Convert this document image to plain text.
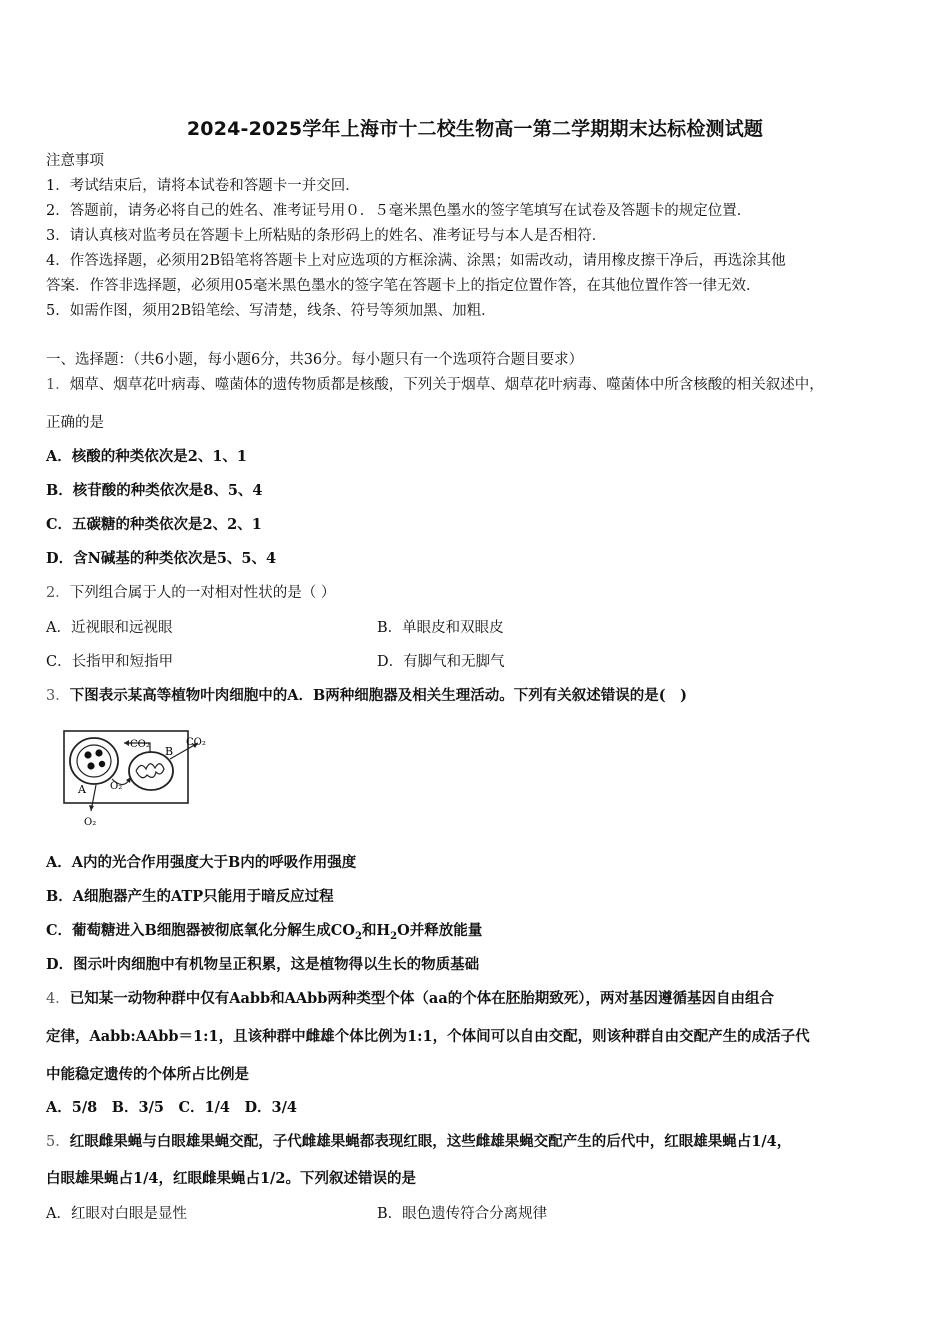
2024-2025学年上海市十二校生物高一第二学期期末达标检测试题
注意事项
1．考试结束后，请将本试卷和答题卡一并交回．
2．答题前，请务必将自己的姓名、准考证号用０．５毫米黑色墨水的签字笔填写在试卷及答题卡的规定位置．
3．请认真核对监考员在答题卡上所粘贴的条形码上的姓名、准考证号与本人是否相符．
4．作答选择题，必须用2B铅笔将答题卡上对应选项的方框涂满、涂黑；如需改动，请用橡皮擦干净后，再选涂其他
答案．作答非选择题，必须用05毫米黑色墨水的签字笔在答题卡上的指定位置作答，在其他位置作答一律无效．
5．如需作图，须用2B铅笔绘、写清楚，线条、符号等须加黑、加粗．
一、选择题：（共6小题，每小题6分，共36分。每小题只有一个选项符合题目要求）
1．烟草、烟草花叶病毒、噬菌体的遗传物质都是核酸，下列关于烟草、烟草花叶病毒、噬菌体中所含核酸的相关叙述中，
正确的是
A．核酸的种类依次是2、1、1
B．核苷酸的种类依次是8、5、4
C．五碳糖的种类依次是2、2、1
D．含N碱基的种类依次是5、5、4
2．下列组合属于人的一对相对性状的是（ ）
A．近视眼和远视眼	B．单眼皮和双眼皮
C．长指甲和短指甲	D．有脚气和无脚气
3．下图表示某高等植物叶肉细胞中的A．B两种细胞器及相关生理活动。下列有关叙述错误的是(　)
A
B
CO₂	CO₂
O₂
O₂
A．A内的光合作用强度大于B内的呼吸作用强度
B．A细胞器产生的ATP只能用于暗反应过程
C．葡萄糖进入B细胞器被彻底氧化分解生成$CO_2$和$H_2O$并释放能量
D．图示叶肉细胞中有机物呈正积累，这是植物得以生长的物质基础
4．已知某一动物种群中仅有Aabb和AAbb两种类型个体（aa的个体在胚胎期致死），两对基因遵循基因自由组合
定律，Aabb:AAbb＝1:1，且该种群中雌雄个体比例为1:1，个体间可以自由交配，则该种群自由交配产生的成活子代
中能稳定遗传的个体所占比例是
A．5/8　B．3/5　C．1/4　D．3/4
5．红眼雌果蝇与白眼雄果蝇交配，子代雌雄果蝇都表现红眼，这些雌雄果蝇交配产生的后代中，红眼雄果蝇占1/4，
白眼雄果蝇占1/4，红眼雌果蝇占1/2。下列叙述错误的是
A．红眼对白眼是显性	B．眼色遗传符合分离规律
